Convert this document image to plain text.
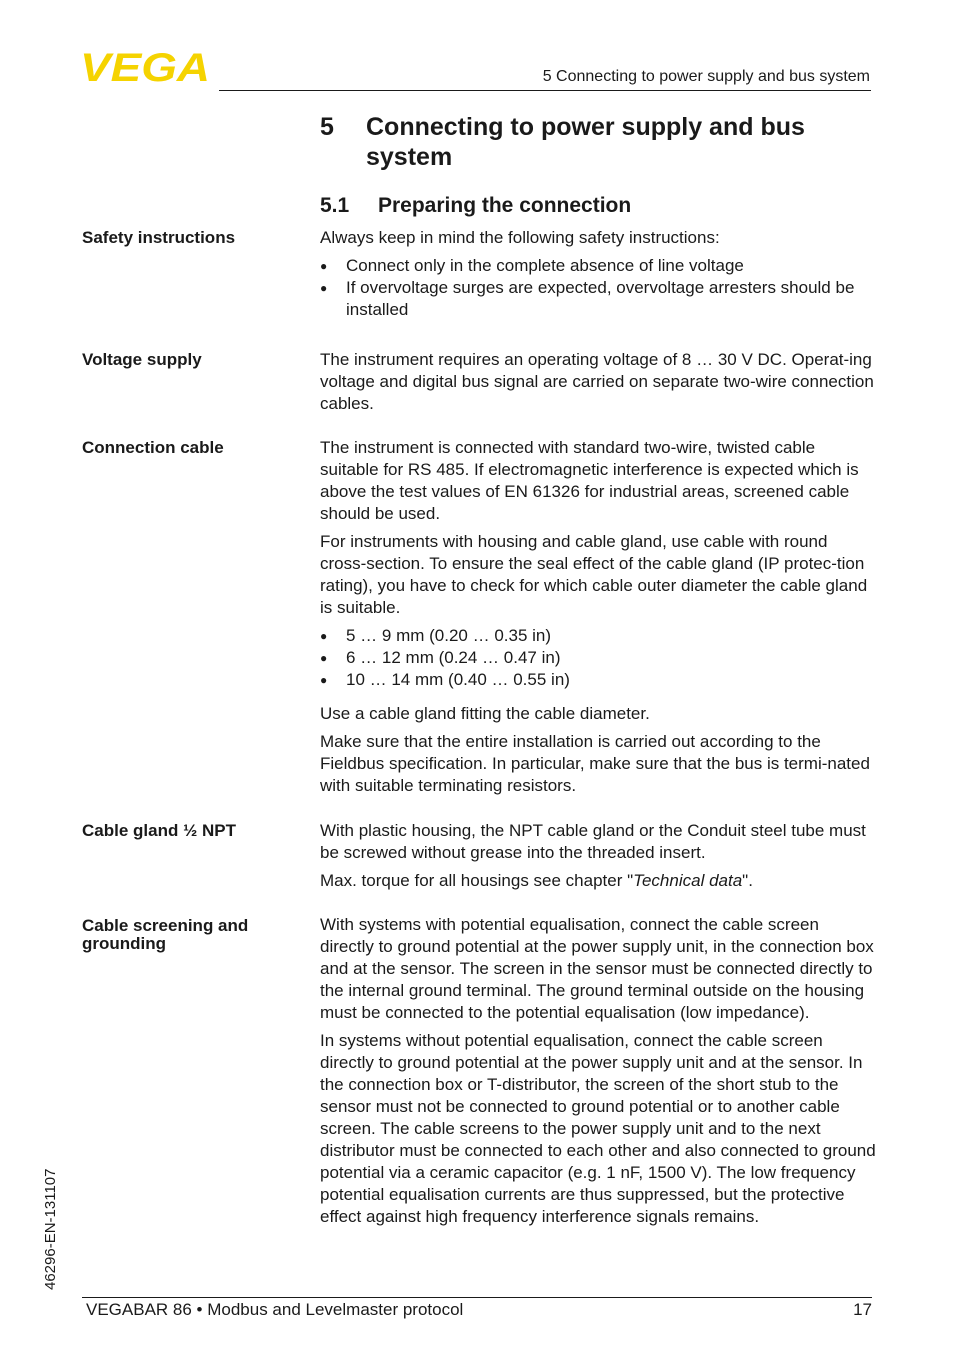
VEGA	5 Connecting to power supply and bus system
5 Connecting to power supply and bus system
5.1 Preparing the connection
Safety instructions
Voltage supply
Connection cable
Cable gland ½ NPT
Cable screening and grounding

Always keep in mind the following safety instructions:

● Connect only in the complete absence of line voltage
● If overvoltage surges are expected, overvoltage arresters should be installed

The instrument requires an operating voltage of 8 … 30 V DC. Operat-ing voltage and digital bus signal are carried on separate two-wire connection cables.

The instrument is connected with standard two-wire, twisted cable suitable for RS 485. If electromagnetic interference is expected which is above the test values of EN 61326 for industrial areas, screened cable should be used.

For instruments with housing and cable gland, use cable with round cross-section. To ensure the seal effect of the cable gland (IP protec-tion rating), you have to check for which cable outer diameter the cable gland is suitable.

● 5 … 9 mm (0.20 … 0.35 in)
● 6 … 12 mm (0.24 … 0.47 in)
● 10 … 14 mm (0.40 … 0.55 in)

Use a cable gland fitting the cable diameter.

Make sure that the entire installation is carried out according to the Fieldbus specification. In particular, make sure that the bus is termi-nated with suitable terminating resistors.

With plastic housing, the NPT cable gland or the Conduit steel tube must be screwed without grease into the threaded insert.

Max. torque for all housings see chapter "Technical data".

With systems with potential equalisation, connect the cable screen directly to ground potential at the power supply unit, in the connection box and at the sensor. The screen in the sensor must be connected directly to the internal ground terminal. The ground terminal outside on the housing must be connected to the potential equalisation (low impedance).

In systems without potential equalisation, connect the cable screen directly to ground potential at the power supply unit and at the sensor. In the connection box or T-distributor, the screen of the short stub to the sensor must not be connected to ground potential or to another cable screen. The cable screens to the power supply unit and to the next distributor must be connected to each other and also connected to ground potential via a ceramic capacitor (e.g. 1 nF, 1500 V). The low frequency potential equalisation currents are thus suppressed, but the protective effect against high frequency interference signals remains.

46296-EN-131107
VEGABAR 86 • Modbus and Levelmaster protocol	17
